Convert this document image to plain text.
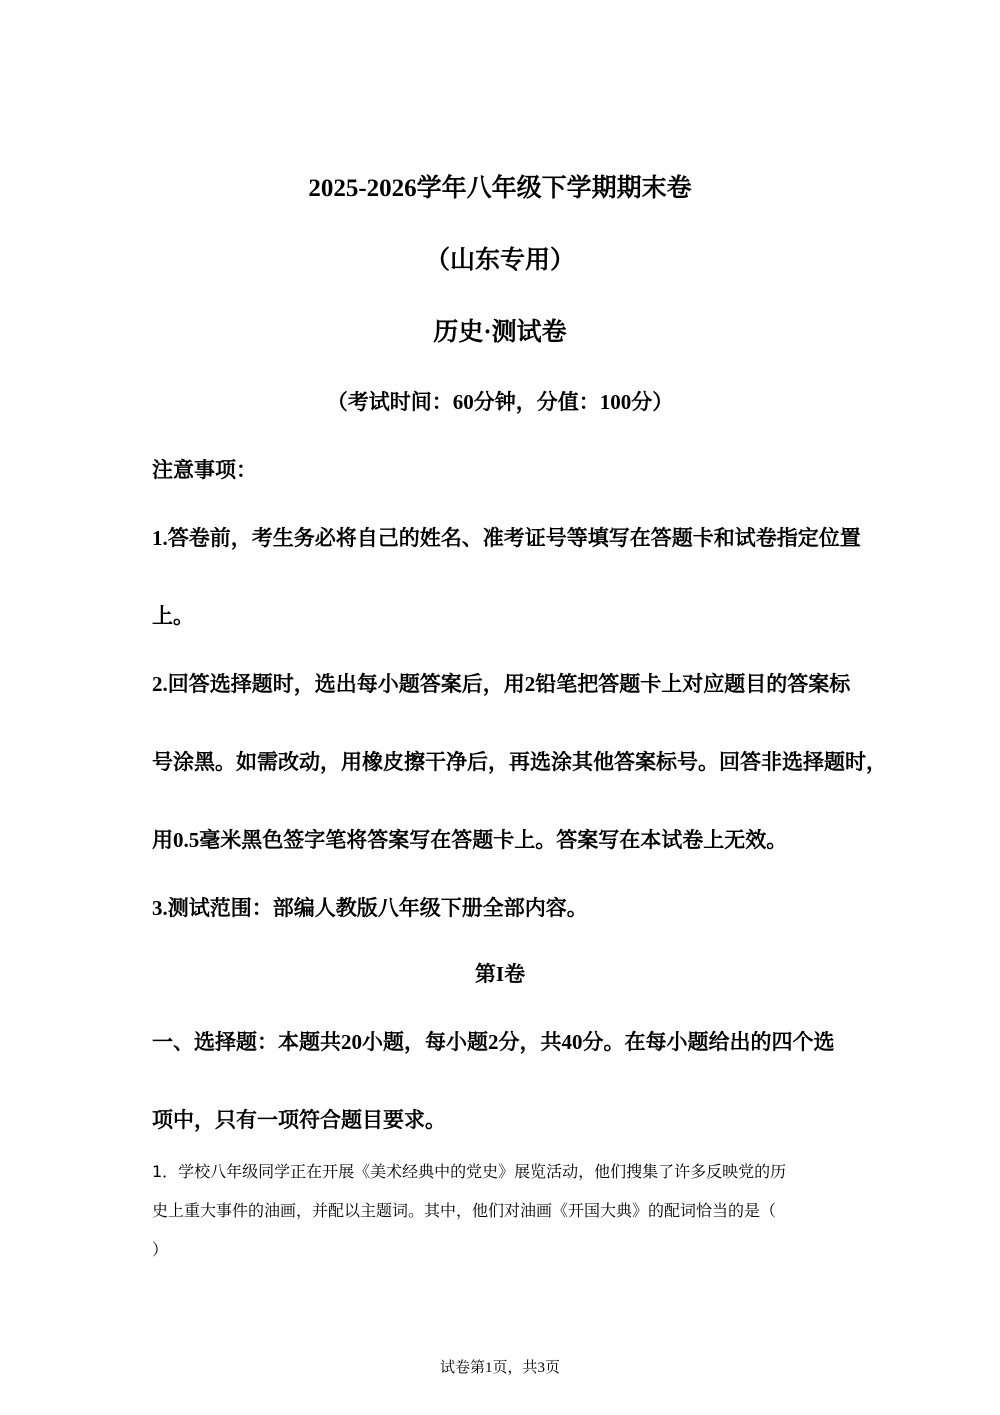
2025-2026学年八年级下学期期末卷
（山东专用）
历史·测试卷
（考试时间：60分钟，分值：100分）
注意事项：
1.答卷前，考生务必将自己的姓名、准考证号等填写在答题卡和试卷指定位置
上。
2.回答选择题时，选出每小题答案后，用2铅笔把答题卡上对应题目的答案标
号涂黑。如需改动，用橡皮擦干净后，再选涂其他答案标号。回答非选择题时，
用0.5毫米黑色签字笔将答案写在答题卡上。答案写在本试卷上无效。
3.测试范围：部编人教版八年级下册全部内容。
第I卷
一、选择题：本题共20小题，每小题2分，共40分。在每小题给出的四个选
项中，只有一项符合题目要求。
1．学校八年级同学正在开展《美术经典中的党史》展览活动，他们搜集了许多反映党的历
史上重大事件的油画，并配以主题词。其中，他们对油画《开国大典》的配词恰当的是（
）
试卷第1页，共3页
